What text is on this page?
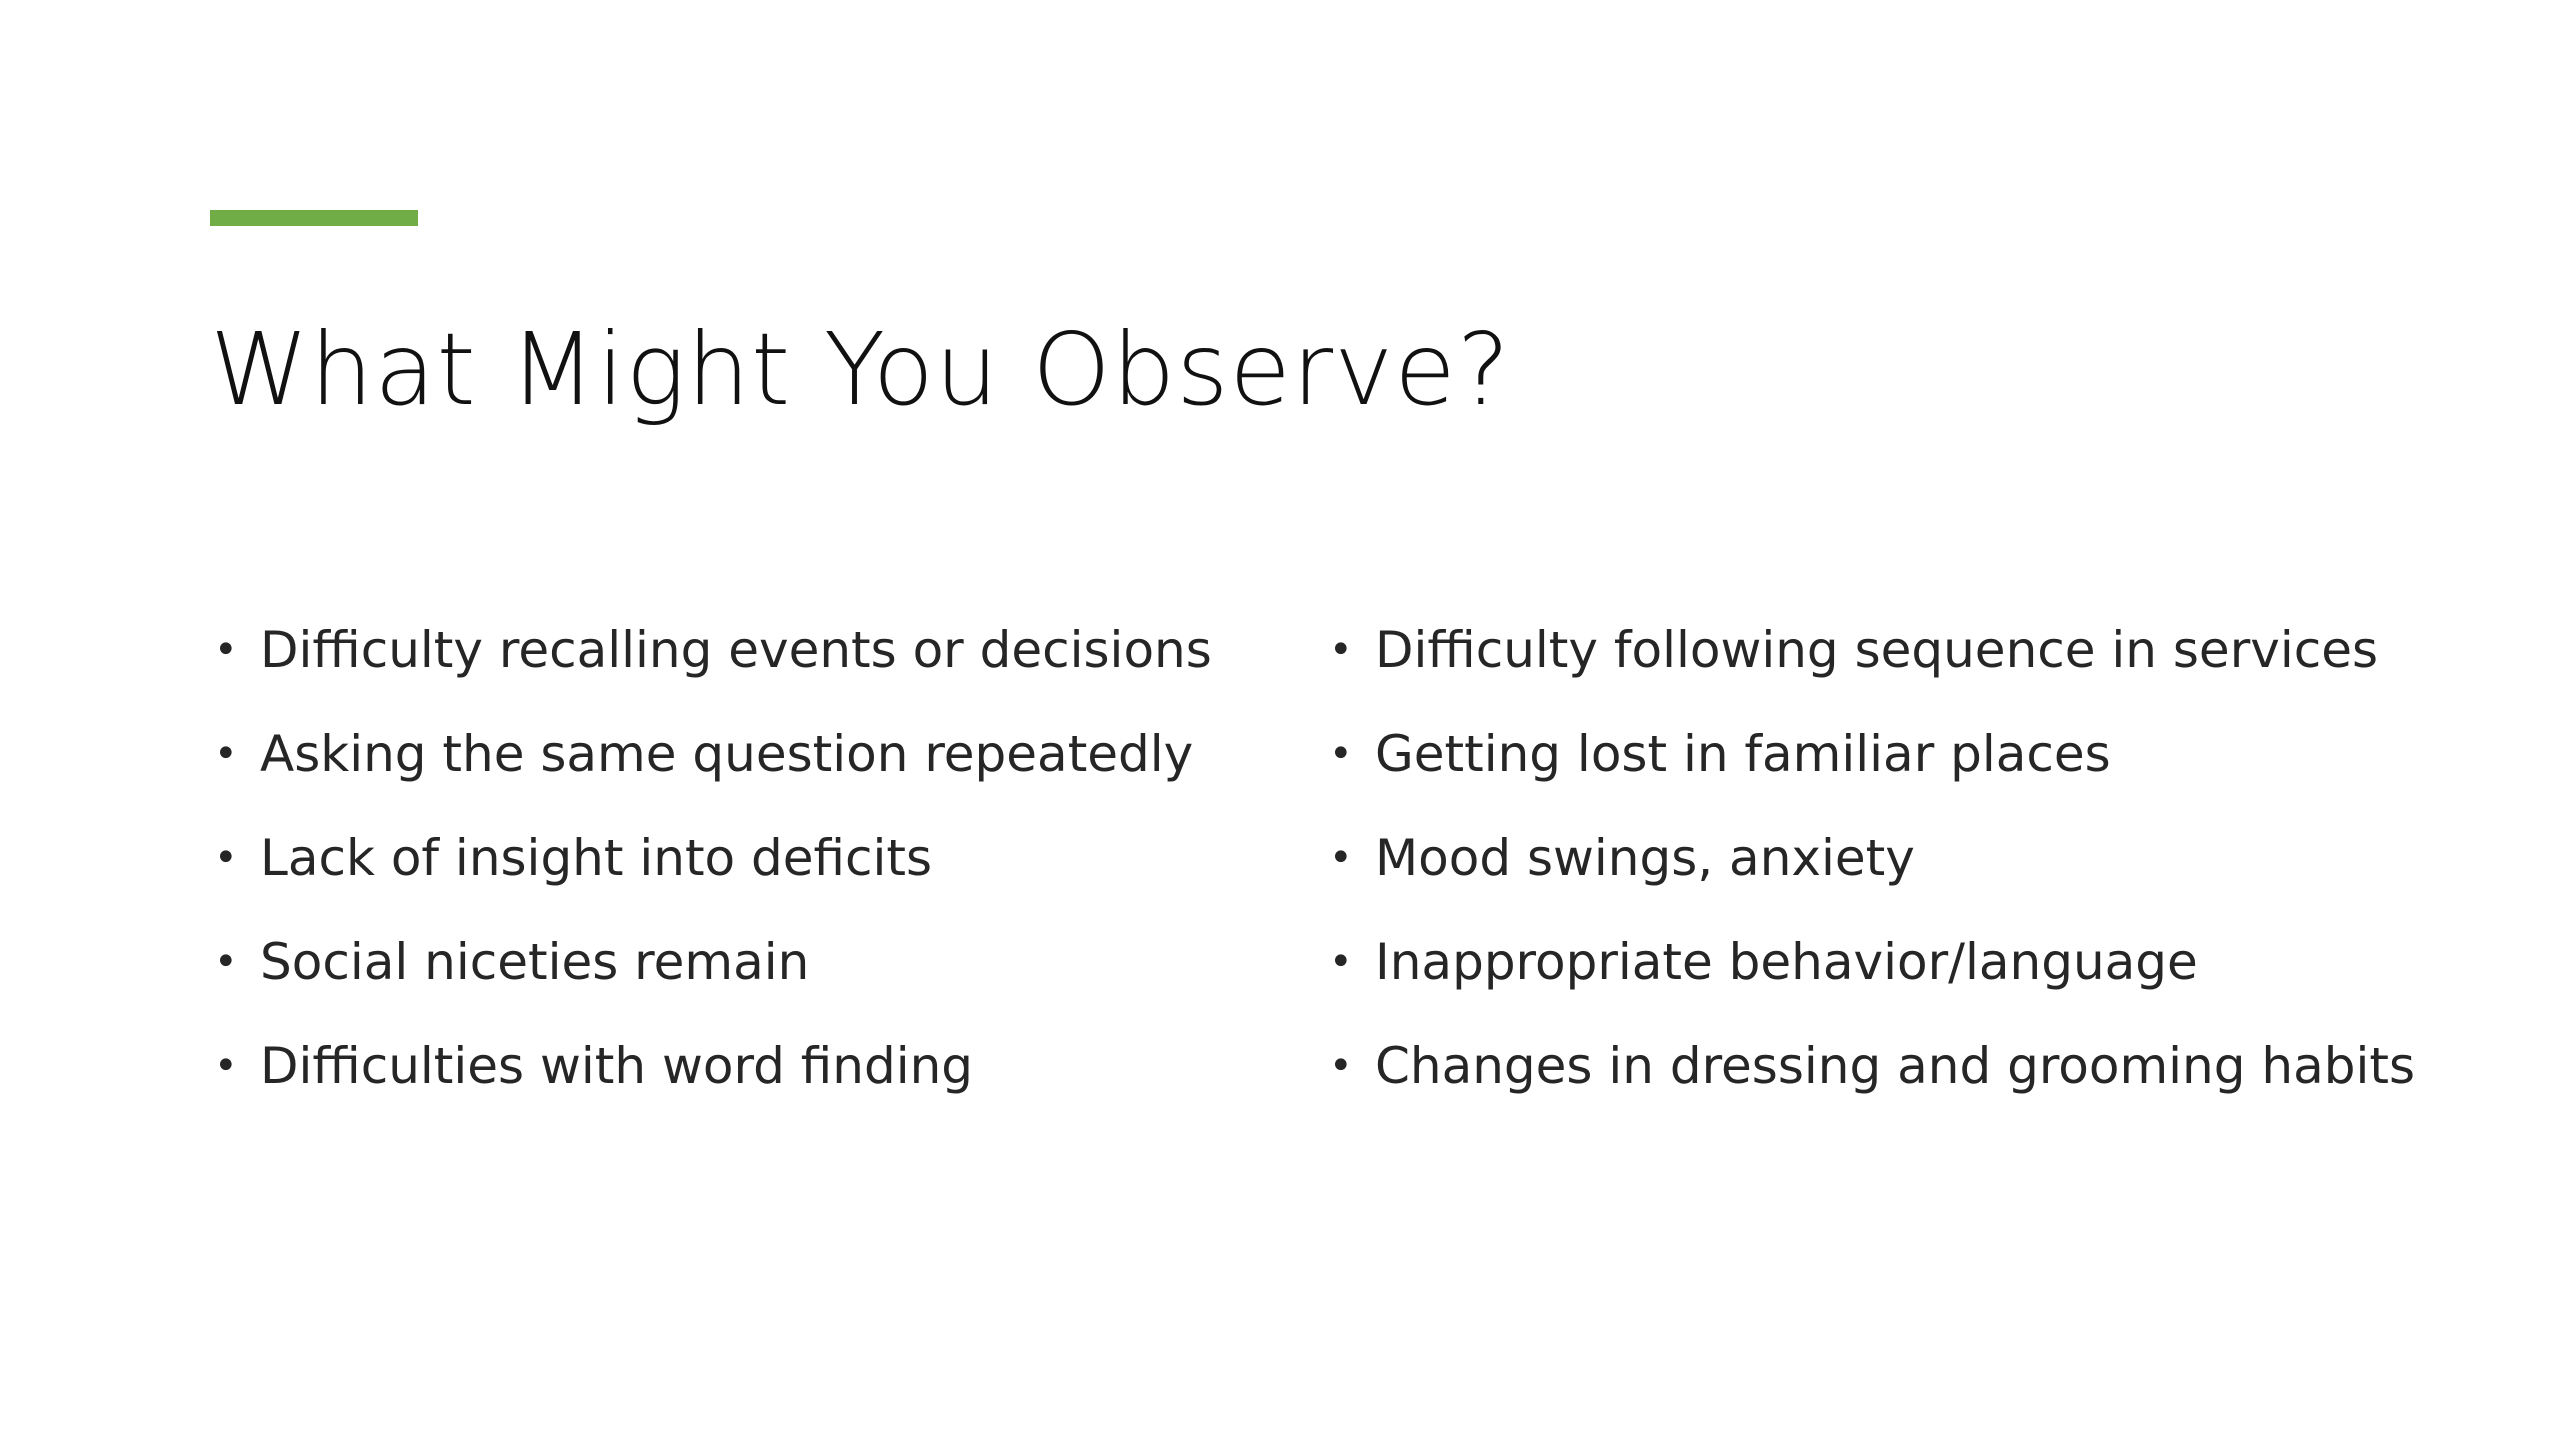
What Might You Observe?
• Difficulty recalling events or decisions
• Asking the same question repeatedly
• Lack of insight into deficits
• Social niceties remain
• Difficulties with word finding
• Difficulty following sequence in services
• Getting lost in familiar places
• Mood swings, anxiety
• Inappropriate behavior/language
• Changes in dressing and grooming habits
